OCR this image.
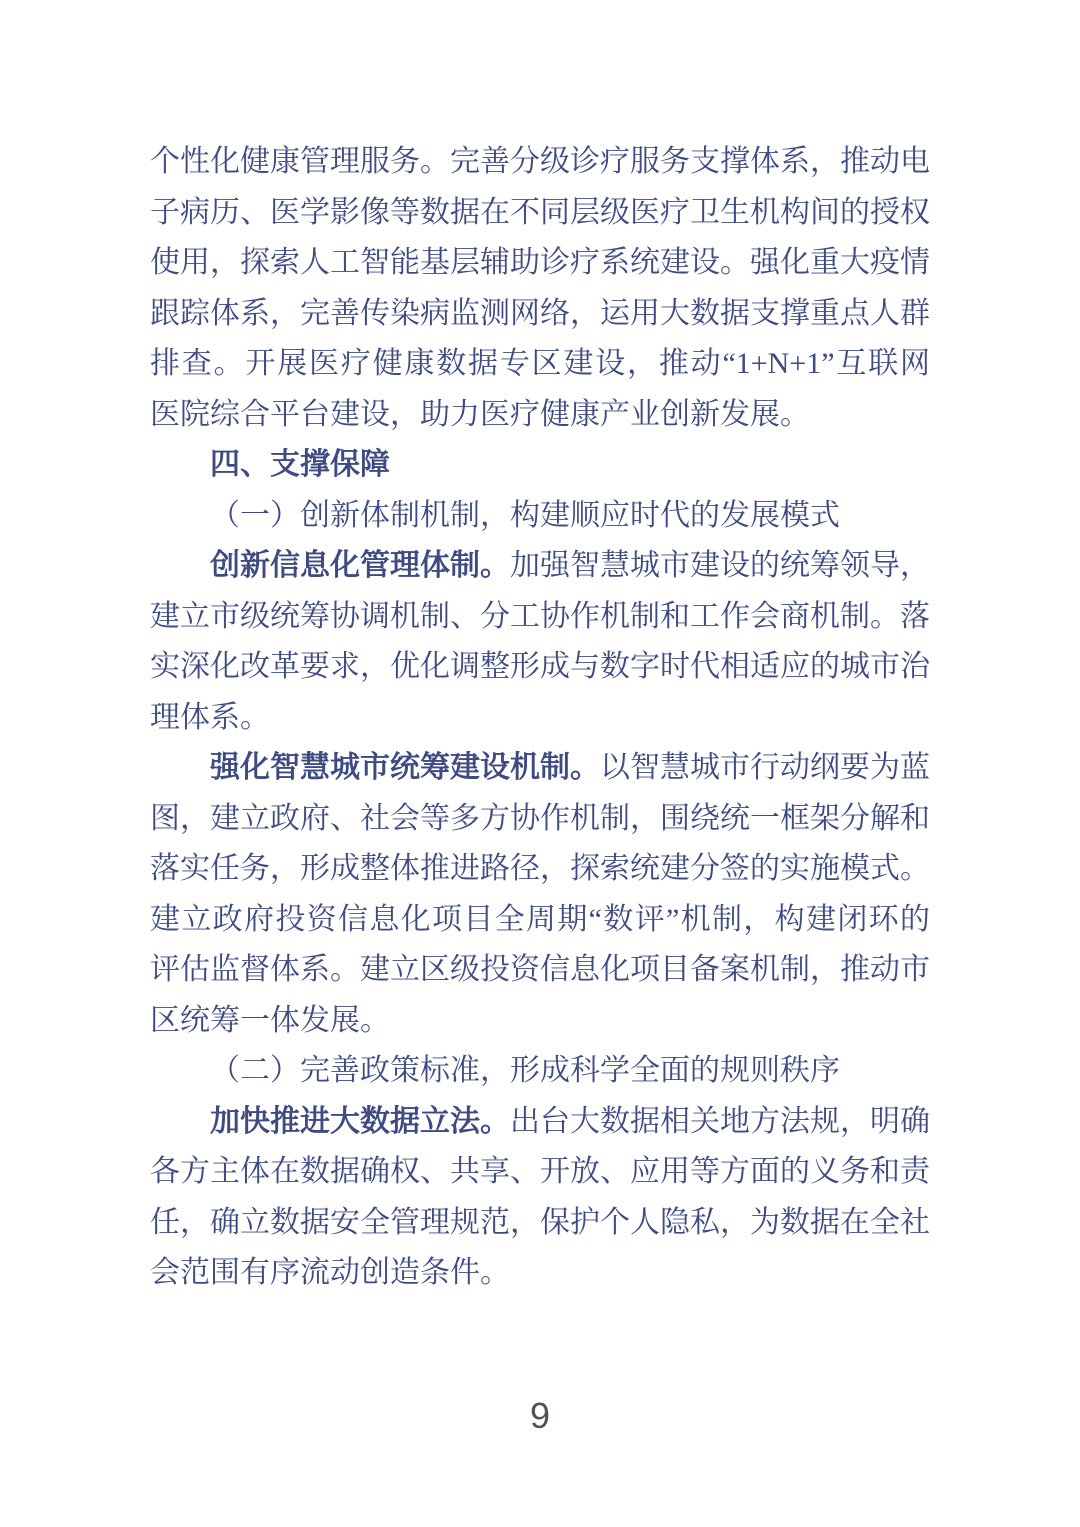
个性化健康管理服务。完善分级诊疗服务支撑体系，推动电
子病历、医学影像等数据在不同层级医疗卫生机构间的授权
使用，探索人工智能基层辅助诊疗系统建设。强化重大疫情
跟踪体系，完善传染病监测网络，运用大数据支撑重点人群
排查。开展医疗健康数据专区建设，推动“1+N+1”互联网
医院综合平台建设，助力医疗健康产业创新发展。
四、支撑保障
（一）创新体制机制，构建顺应时代的发展模式
创新信息化管理体制。加强智慧城市建设的统筹领导，
建立市级统筹协调机制、分工协作机制和工作会商机制。落
实深化改革要求，优化调整形成与数字时代相适应的城市治
理体系。
强化智慧城市统筹建设机制。以智慧城市行动纲要为蓝
图，建立政府、社会等多方协作机制，围绕统一框架分解和
落实任务，形成整体推进路径，探索统建分签的实施模式。
建立政府投资信息化项目全周期“数评”机制，构建闭环的
评估监督体系。建立区级投资信息化项目备案机制，推动市
区统筹一体发展。
（二）完善政策标准，形成科学全面的规则秩序
加快推进大数据立法。出台大数据相关地方法规，明确
各方主体在数据确权、共享、开放、应用等方面的义务和责
任，确立数据安全管理规范，保护个人隐私，为数据在全社
会范围有序流动创造条件。
9
